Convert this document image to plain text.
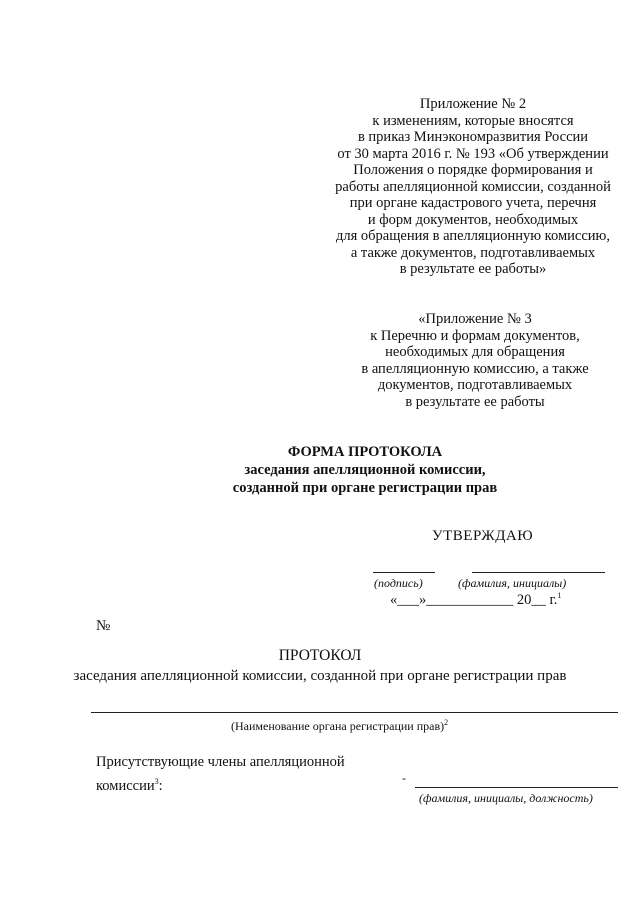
Приложение № 2
к изменениям, которые вносятся
в приказ Минэкономразвития России
от 30 марта 2016 г. № 193 «Об утверждении
Положения о порядке формирования и
работы апелляционной комиссии, созданной
при органе кадастрового учета, перечня
и форм документов, необходимых
для обращения в апелляционную комиссию,
а также документов, подготавливаемых
в результате ее работы»
«Приложение № 3
к Перечню и формам документов,
необходимых для обращения
в апелляционную комиссию, а также
документов, подготавливаемых
в результате ее работы
ФОРМА ПРОТОКОЛА
заседания апелляционной комиссии,
созданной при органе регистрации прав
УТВЕРЖДАЮ
(подпись)	(фамилия, инициалы)
«___»____________ 20__ г.$^1$
№
ПРОТОКОЛ
заседания апелляционной комиссии, созданной при органе регистрации прав
(Наименование органа регистрации прав)$^2$
Присутствующие члены апелляционной
комиссии$^3$:	-
(фамилия, инициалы, должность)
